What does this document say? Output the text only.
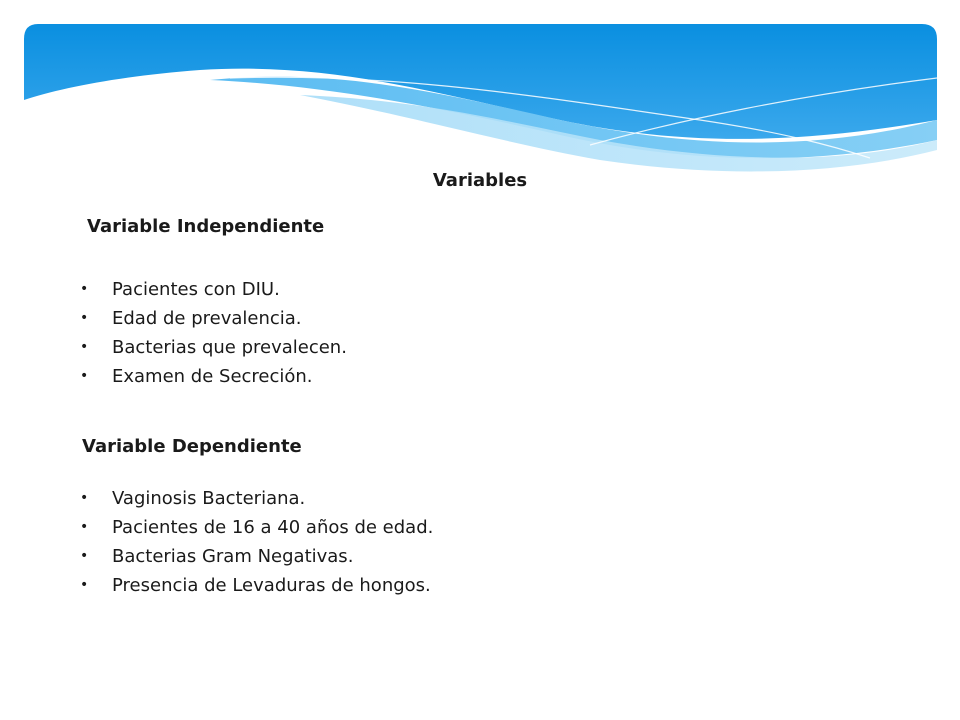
Variables
Variable Independiente
• Pacientes con DIU.
• Edad de prevalencia.
• Bacterias que prevalecen.
• Examen de Secreción.
Variable Dependiente
• Vaginosis Bacteriana.
• Pacientes de 16 a 40 años de edad.
• Bacterias Gram Negativas.
• Presencia de Levaduras de hongos.
